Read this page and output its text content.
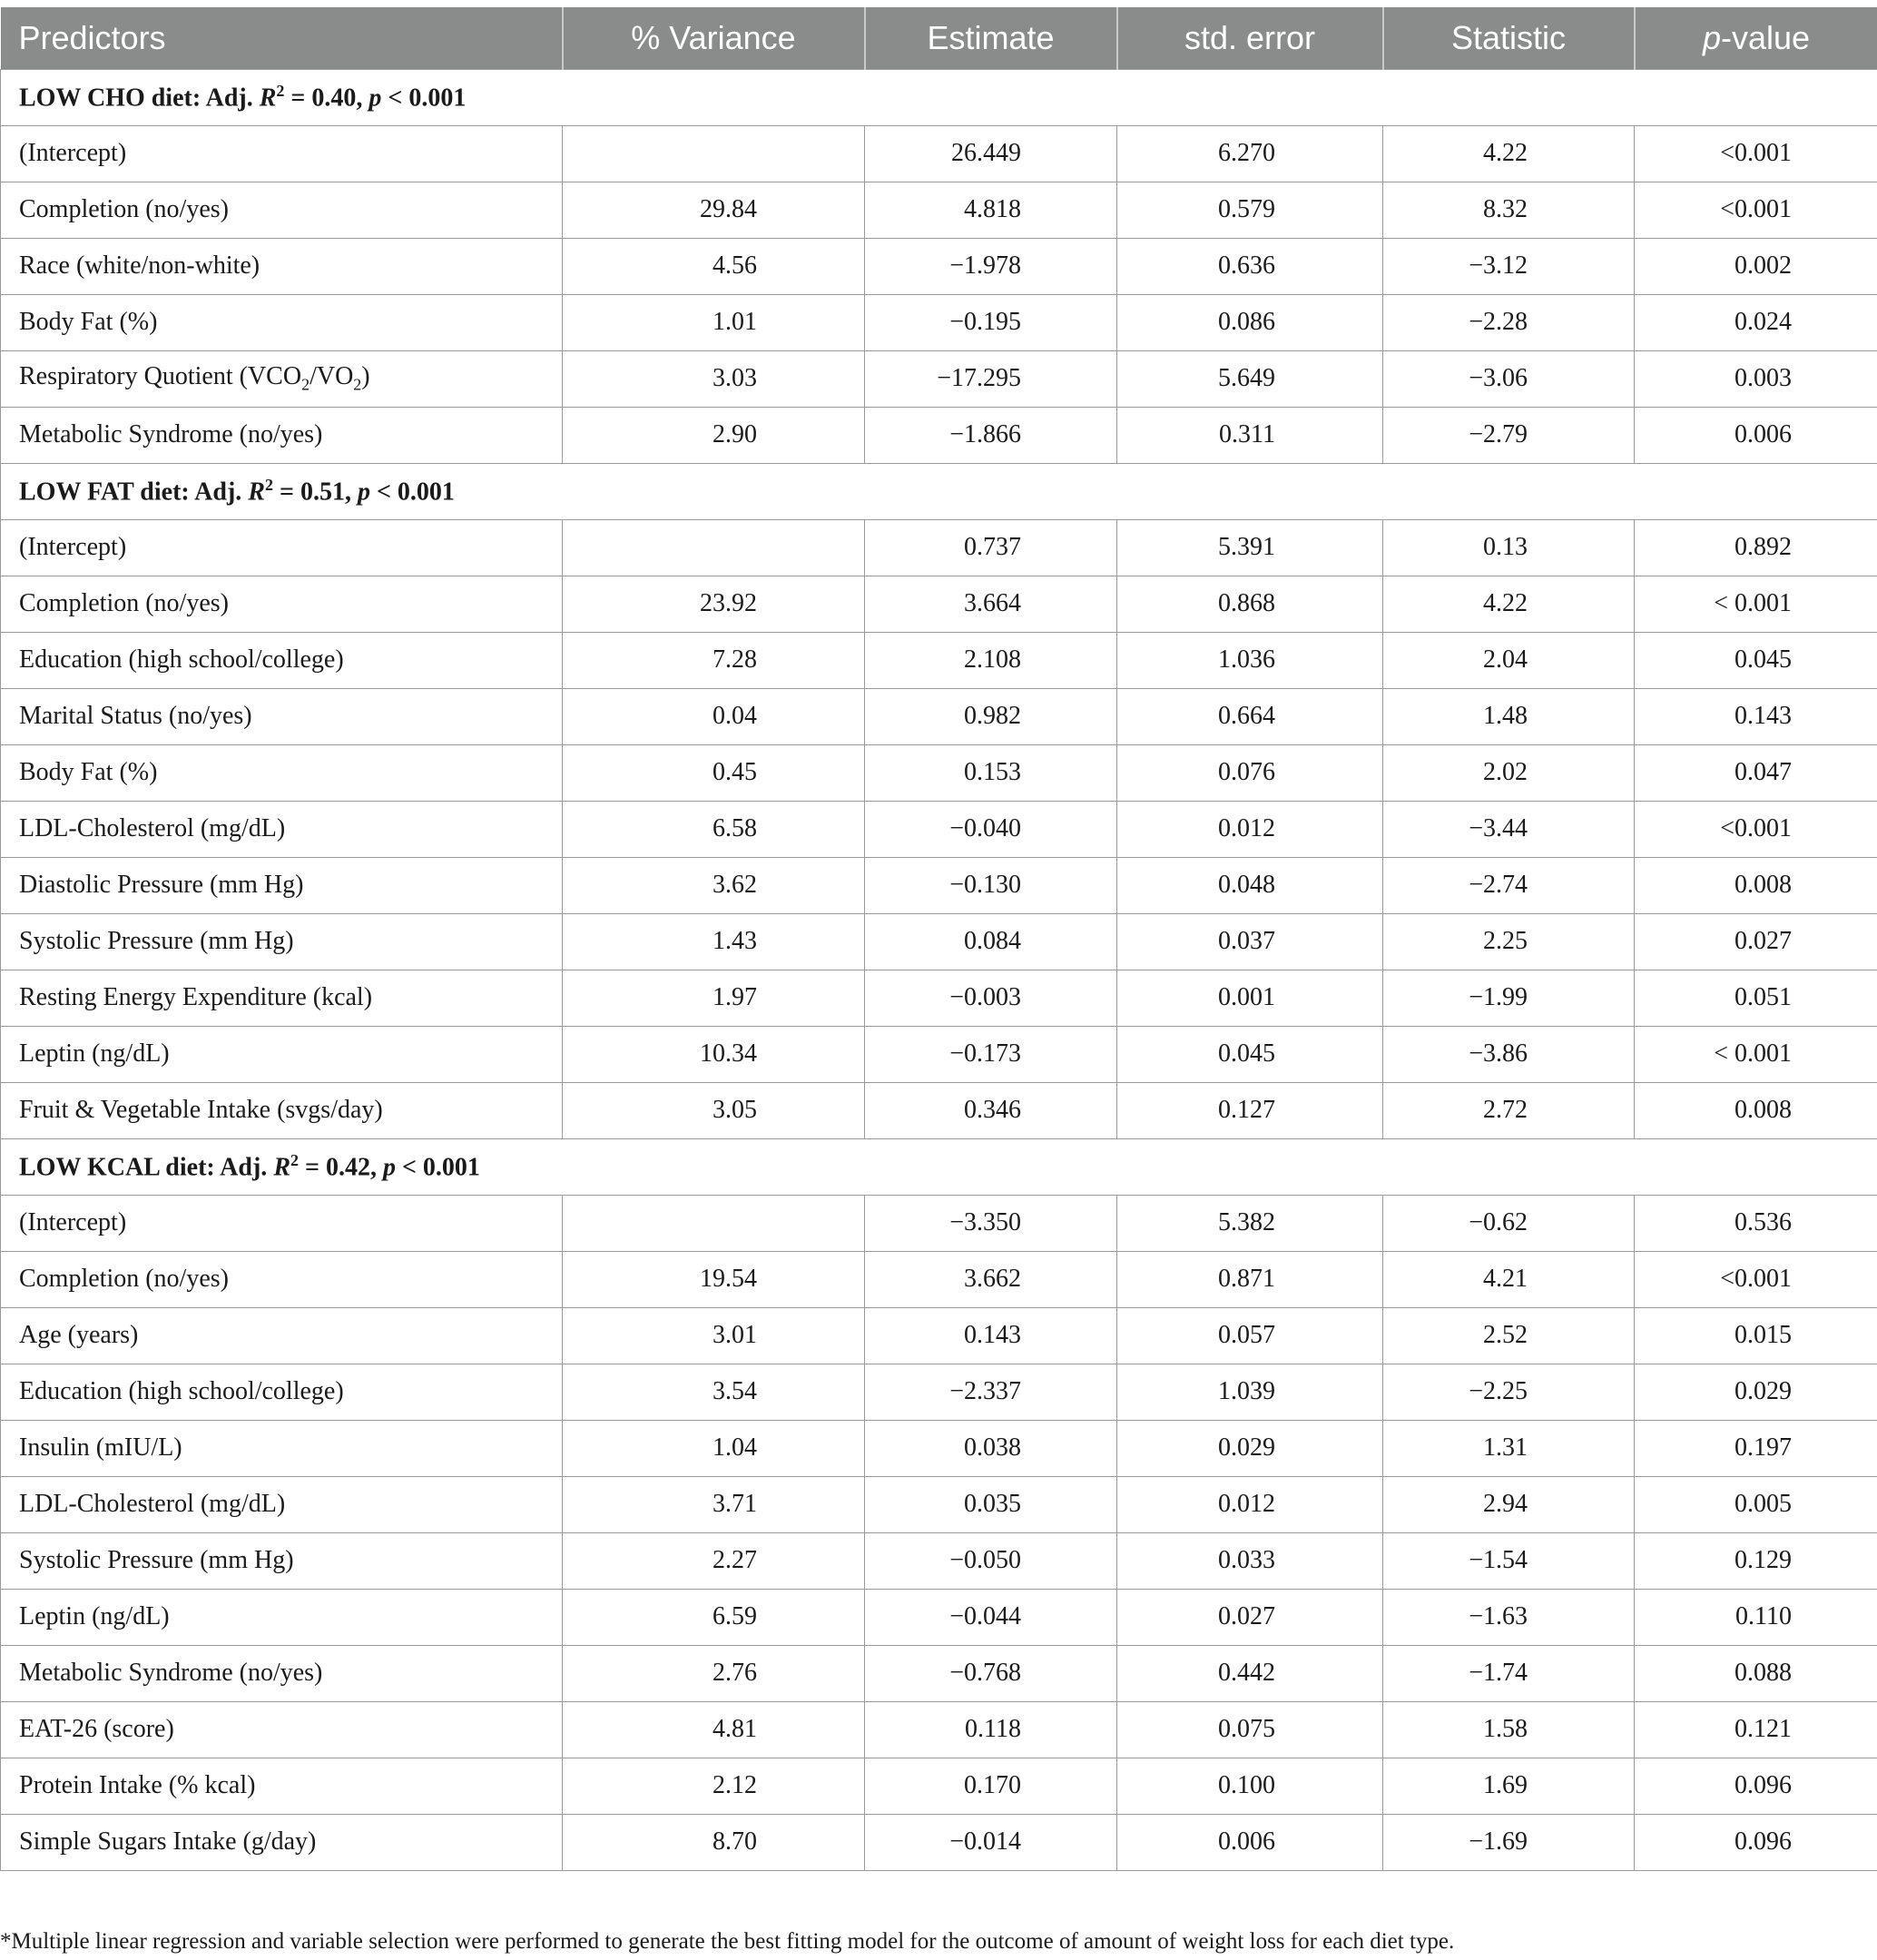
Predictors	% Variance	Estimate	std. error	Statistic	p-value
LOW CHO diet: Adj. $R^2 = 0.40$, p < 0.001					
(Intercept)		26.449	6.270	4.22	<0.001
Completion (no/yes)	29.84	4.818	0.579	8.32	<0.001
Race (white/non-white)	4.56	−1.978	0.636	−3.12	0.002
Body Fat (%)	1.01	−0.195	0.086	−2.28	0.024
Respiratory Quotient $(VCO_2/VO_2)$	3.03	−17.295	5.649	−3.06	0.003
Metabolic Syndrome (no/yes)	2.90	−1.866	0.311	−2.79	0.006
LOW FAT diet: Adj. $R^2 = 0.51$, p < 0.001					
(Intercept)		0.737	5.391	0.13	0.892
Completion (no/yes)	23.92	3.664	0.868	4.22	< 0.001
Education (high school/college)	7.28	2.108	1.036	2.04	0.045
Marital Status (no/yes)	0.04	0.982	0.664	1.48	0.143
Body Fat (%)	0.45	0.153	0.076	2.02	0.047
LDL-Cholesterol (mg/dL)	6.58	−0.040	0.012	−3.44	<0.001
Diastolic Pressure (mm Hg)	3.62	−0.130	0.048	−2.74	0.008
Systolic Pressure (mm Hg)	1.43	0.084	0.037	2.25	0.027
Resting Energy Expenditure (kcal)	1.97	−0.003	0.001	−1.99	0.051
Leptin (ng/dL)	10.34	−0.173	0.045	−3.86	< 0.001
Fruit & Vegetable Intake (svgs/day)	3.05	0.346	0.127	2.72	0.008
LOW KCAL diet: Adj. $R^2 = 0.42$, p < 0.001					
(Intercept)		−3.350	5.382	−0.62	0.536
Completion (no/yes)	19.54	3.662	0.871	4.21	<0.001
Age (years)	3.01	0.143	0.057	2.52	0.015
Education (high school/college)	3.54	−2.337	1.039	−2.25	0.029
Insulin (mIU/L)	1.04	0.038	0.029	1.31	0.197
LDL-Cholesterol (mg/dL)	3.71	0.035	0.012	2.94	0.005
Systolic Pressure (mm Hg)	2.27	−0.050	0.033	−1.54	0.129
Leptin (ng/dL)	6.59	−0.044	0.027	−1.63	0.110
Metabolic Syndrome (no/yes)	2.76	−0.768	0.442	−1.74	0.088
EAT-26 (score)	4.81	0.118	0.075	1.58	0.121
Protein Intake (% kcal)	2.12	0.170	0.100	1.69	0.096
Simple Sugars Intake (g/day)	8.70	−0.014	0.006	−1.69	0.096
*Multiple linear regression and variable selection were performed to generate the best fitting model for the outcome of amount of weight loss for each diet type.
